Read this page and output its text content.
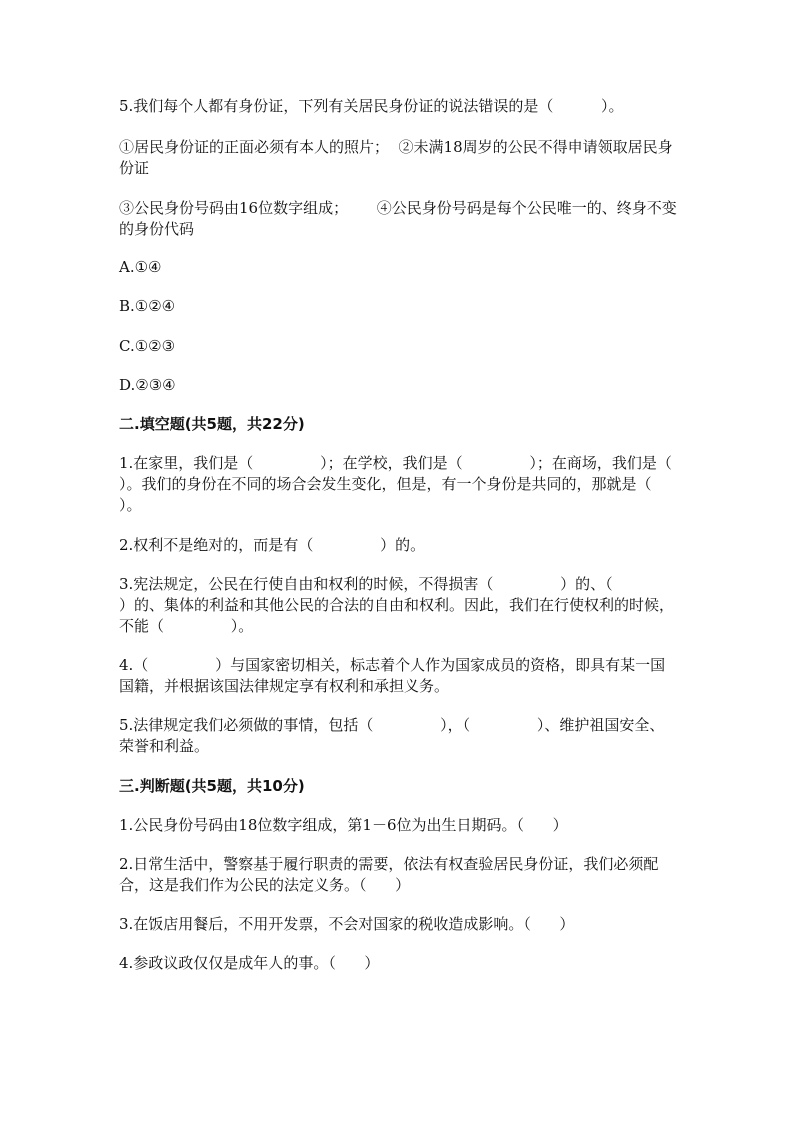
5.我们每个人都有身份证，下列有关居民身份证的说法错误的是（          ）。

①居民身份证的正面必须有本人的照片；  ②未满18周岁的公民不得申请领取居民身份证

③公民身份号码由16位数字组成；      ④公民身份号码是每个公民唯一的、终身不变的身份代码

A.①④

B.①②④

C.①②③

D.②③④

二.填空题(共5题，共22分)

1.在家里，我们是（              ）；在学校，我们是（              ）；在商场，我们是（              ）。我们的身份在不同的场合会发生变化，但是，有一个身份是共同的，那就是（              ）。

2.权利不是绝对的，而是有（              ）的。

3.宪法规定，公民在行使自由和权利的时候，不得损害（              ）的、（              ）的、集体的利益和其他公民的合法的自由和权利。因此，我们在行使权利的时候，不能（              ）。

4.（              ）与国家密切相关，标志着个人作为国家成员的资格，即具有某一国国籍，并根据该国法律规定享有权利和承担义务。

5.法律规定我们必须做的事情，包括（              ），（              ）、维护祖国安全、荣誉和利益。

三.判断题(共5题，共10分)

1.公民身份号码由18位数字组成，第1－6位为出生日期码。（      ）

2.日常生活中，警察基于履行职责的需要，依法有权查验居民身份证，我们必须配合，这是我们作为公民的法定义务。（      ）

3.在饭店用餐后，不用开发票，不会对国家的税收造成影响。（      ）

4.参政议政仅仅是成年人的事。（      ）
